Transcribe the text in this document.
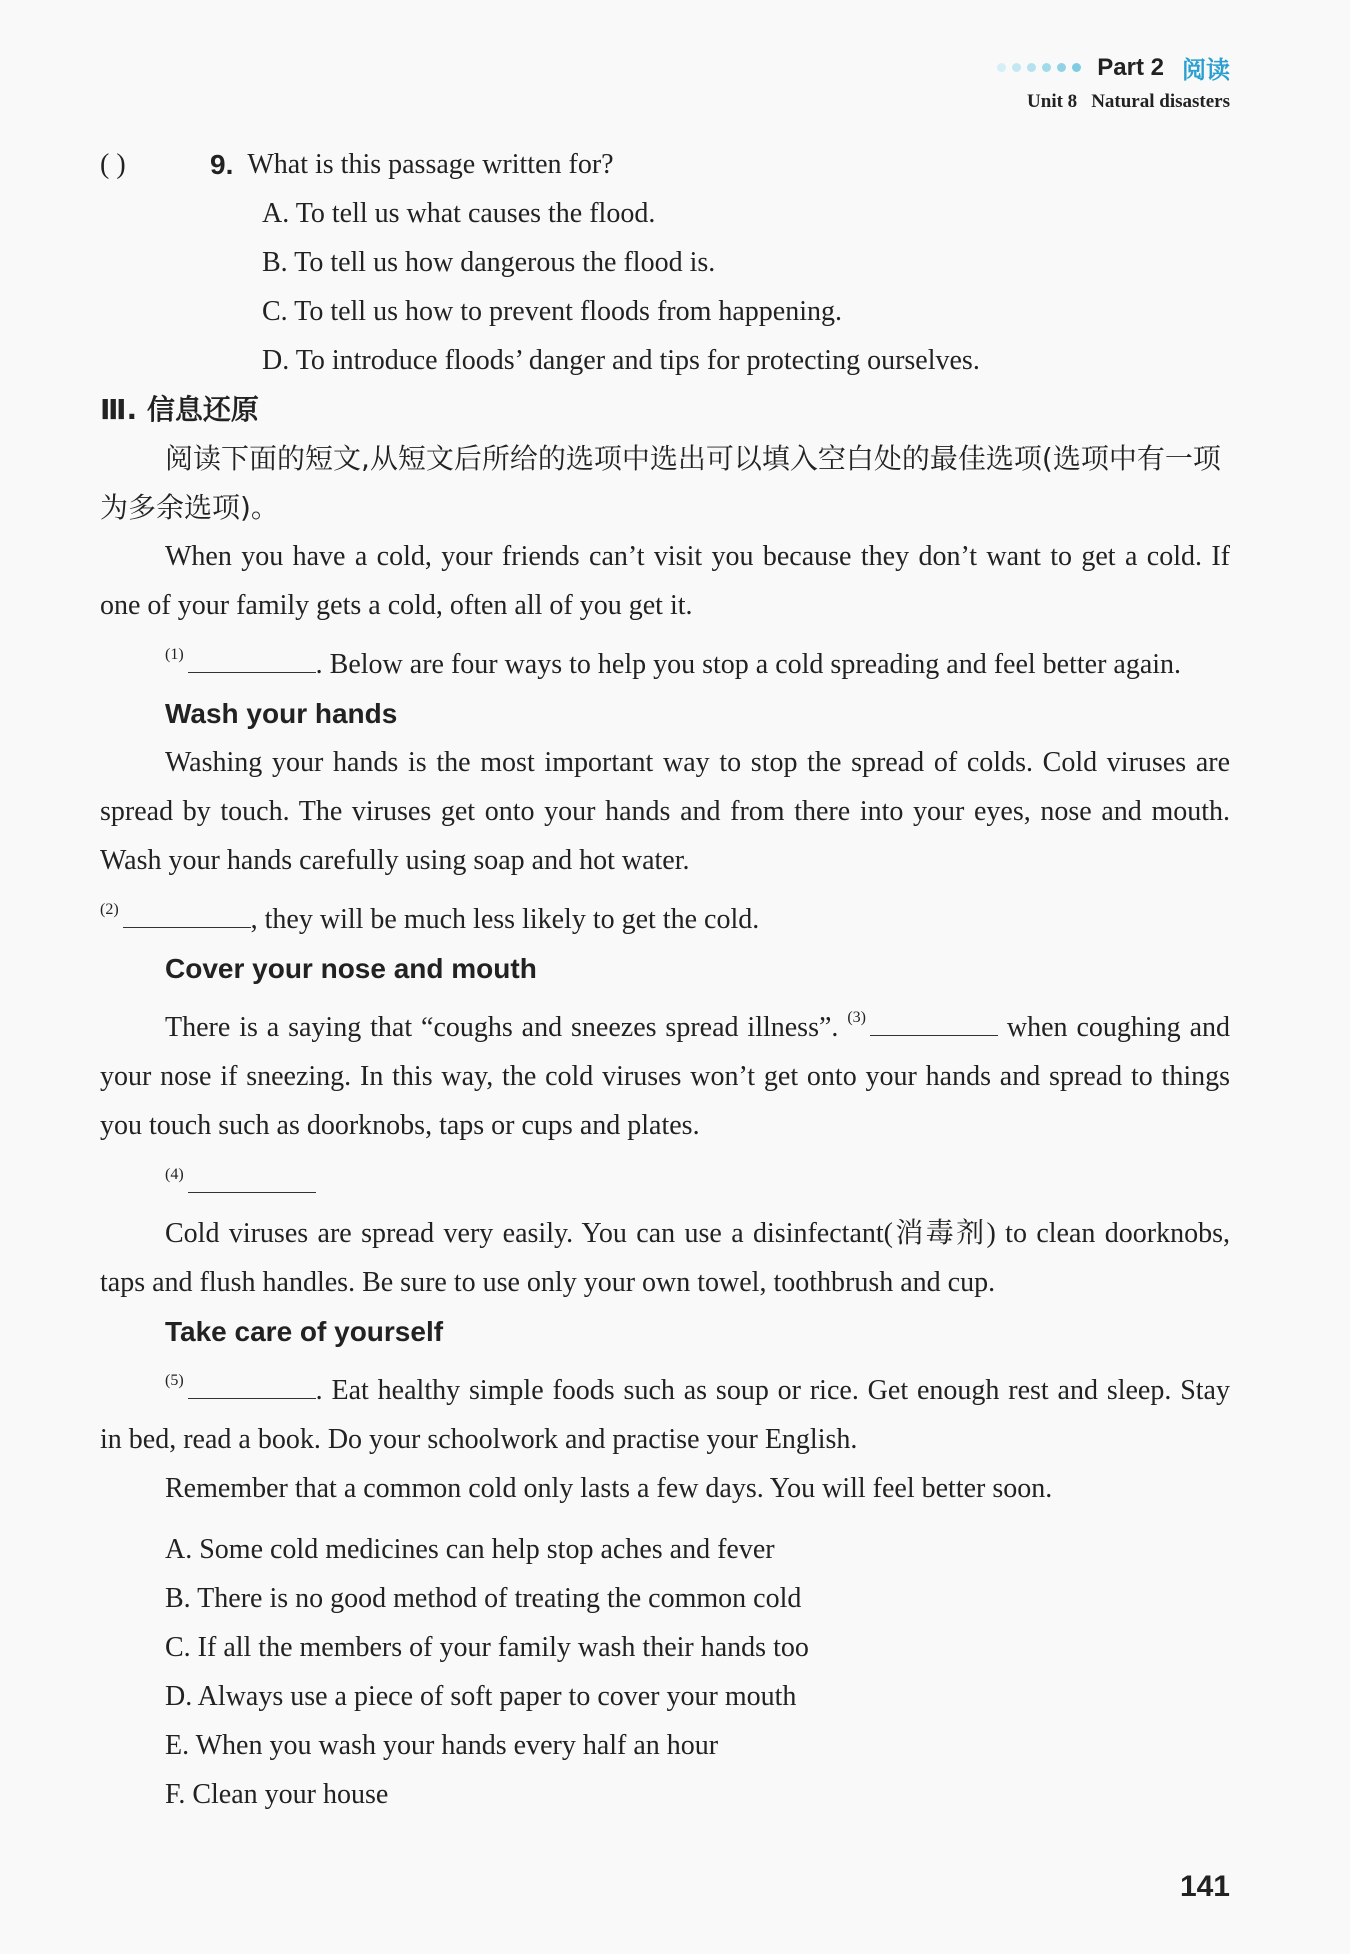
Part 2 阅读
Unit 8 Natural disasters
( )	9. What is this passage written for?
A. To tell us what causes the flood.
B. To tell us how dangerous the flood is.
C. To tell us how to prevent floods from happening.
D. To introduce floods’ danger and tips for protecting ourselves.
Ⅲ. 信息还原

阅读下面的短文,从短文后所给的选项中选出可以填入空白处的最佳选项(选项中有一项为多余选项)。

When you have a cold, your friends can’t visit you because they don’t want to get a cold. If one of your family gets a cold, often all of you get it.

$^{(1)}$	. Below are four ways to help you stop a cold spreading and feel better again.

Wash your hands

Washing your hands is the most important way to stop the spread of colds. Cold viruses are spread by touch. The viruses get onto your hands and from there into your eyes, nose and mouth. Wash your hands carefully using soap and hot water.

$^{(2)}$	, they will be much less likely to get the cold.

Cover your nose and mouth

There is a saying that “coughs and sneezes spread illness”. $^{(3)}$	when coughing and your nose if sneezing. In this way, the cold viruses won’t get onto your hands and spread to things you touch such as doorknobs, taps or cups and plates.

$^{(4)}$

Cold viruses are spread very easily. You can use a disinfectant(消毒剂) to clean doorknobs, taps and flush handles. Be sure to use only your own towel, toothbrush and cup.

Take care of yourself

$^{(5)}$	. Eat healthy simple foods such as soup or rice. Get enough rest and sleep. Stay in bed, read a book. Do your schoolwork and practise your English.

Remember that a common cold only lasts a few days. You will feel better soon.

A. Some cold medicines can help stop aches and fever
B. There is no good method of treating the common cold
C. If all the members of your family wash their hands too
D. Always use a piece of soft paper to cover your mouth
E. When you wash your hands every half an hour
F. Clean your house
141
